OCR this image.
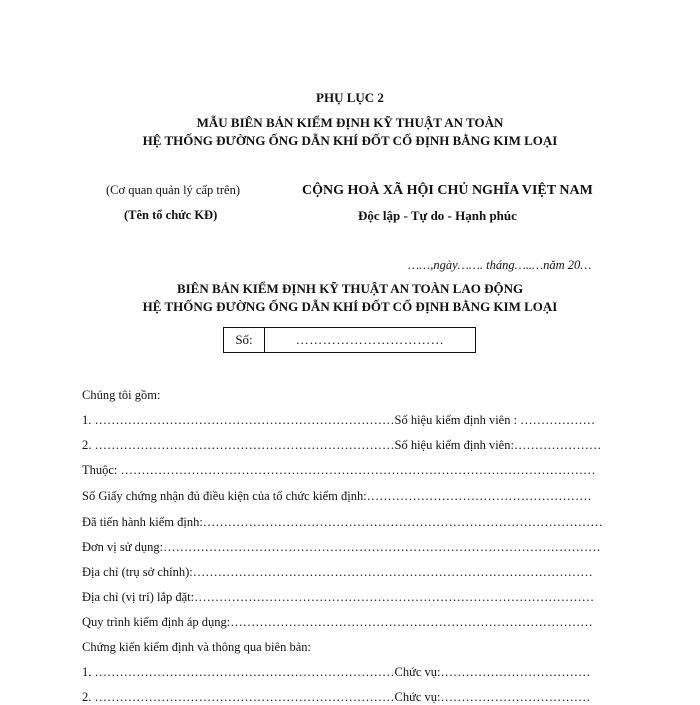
PHỤ LỤC 2
MẪU BIÊN BẢN KIỂM ĐỊNH KỸ THUẬT AN TOÀN
HỆ THỐNG ĐƯỜNG ỐNG DẪN KHÍ ĐỐT CỐ ĐỊNH BẰNG KIM LOẠI
(Cơ quan quản lý cấp trên)
(Tên tổ chức KĐ)
CỘNG HOÀ XÃ HỘI CHỦ NGHĨA VIỆT NAM
Độc lập - Tự do - Hạnh phúc
……,ngày……. tháng…..…năm 20…
BIÊN BẢN KIỂM ĐỊNH KỸ THUẬT AN TOÀN LAO ĐỘNG
HỆ THỐNG ĐƯỜNG ỐNG DẪN KHÍ ĐỐT CỐ ĐỊNH BẰNG KIM LOẠI
Số:	……………………………
Chúng tôi gồm:
1. ………………………………………………………………Số hiệu kiểm định viên : ………………
2. ………………………………………………………………Số hiệu kiểm định viên:…………………
Thuộc: ……………………………………………………………………………………………………
Số Giấy chứng nhận đủ điều kiện của tổ chức kiểm định:………………………………………………
Đã tiến hành kiểm định:……………………………………………………………………………………
Đơn vị sử dụng:……………………………………………………………………………………………
Địa chỉ (trụ sở chính):……………………………………………………………………………………
Địa chỉ (vị trí) lắp đặt:……………………………………………………………………………………
Quy trình kiểm định áp dụng:……………………………………………………………………………
Chứng kiến kiểm định và thông qua biên bản:
1. ………………………………………………………………Chức vụ:………………………………
2. ………………………………………………………………Chức vụ:………………………………
